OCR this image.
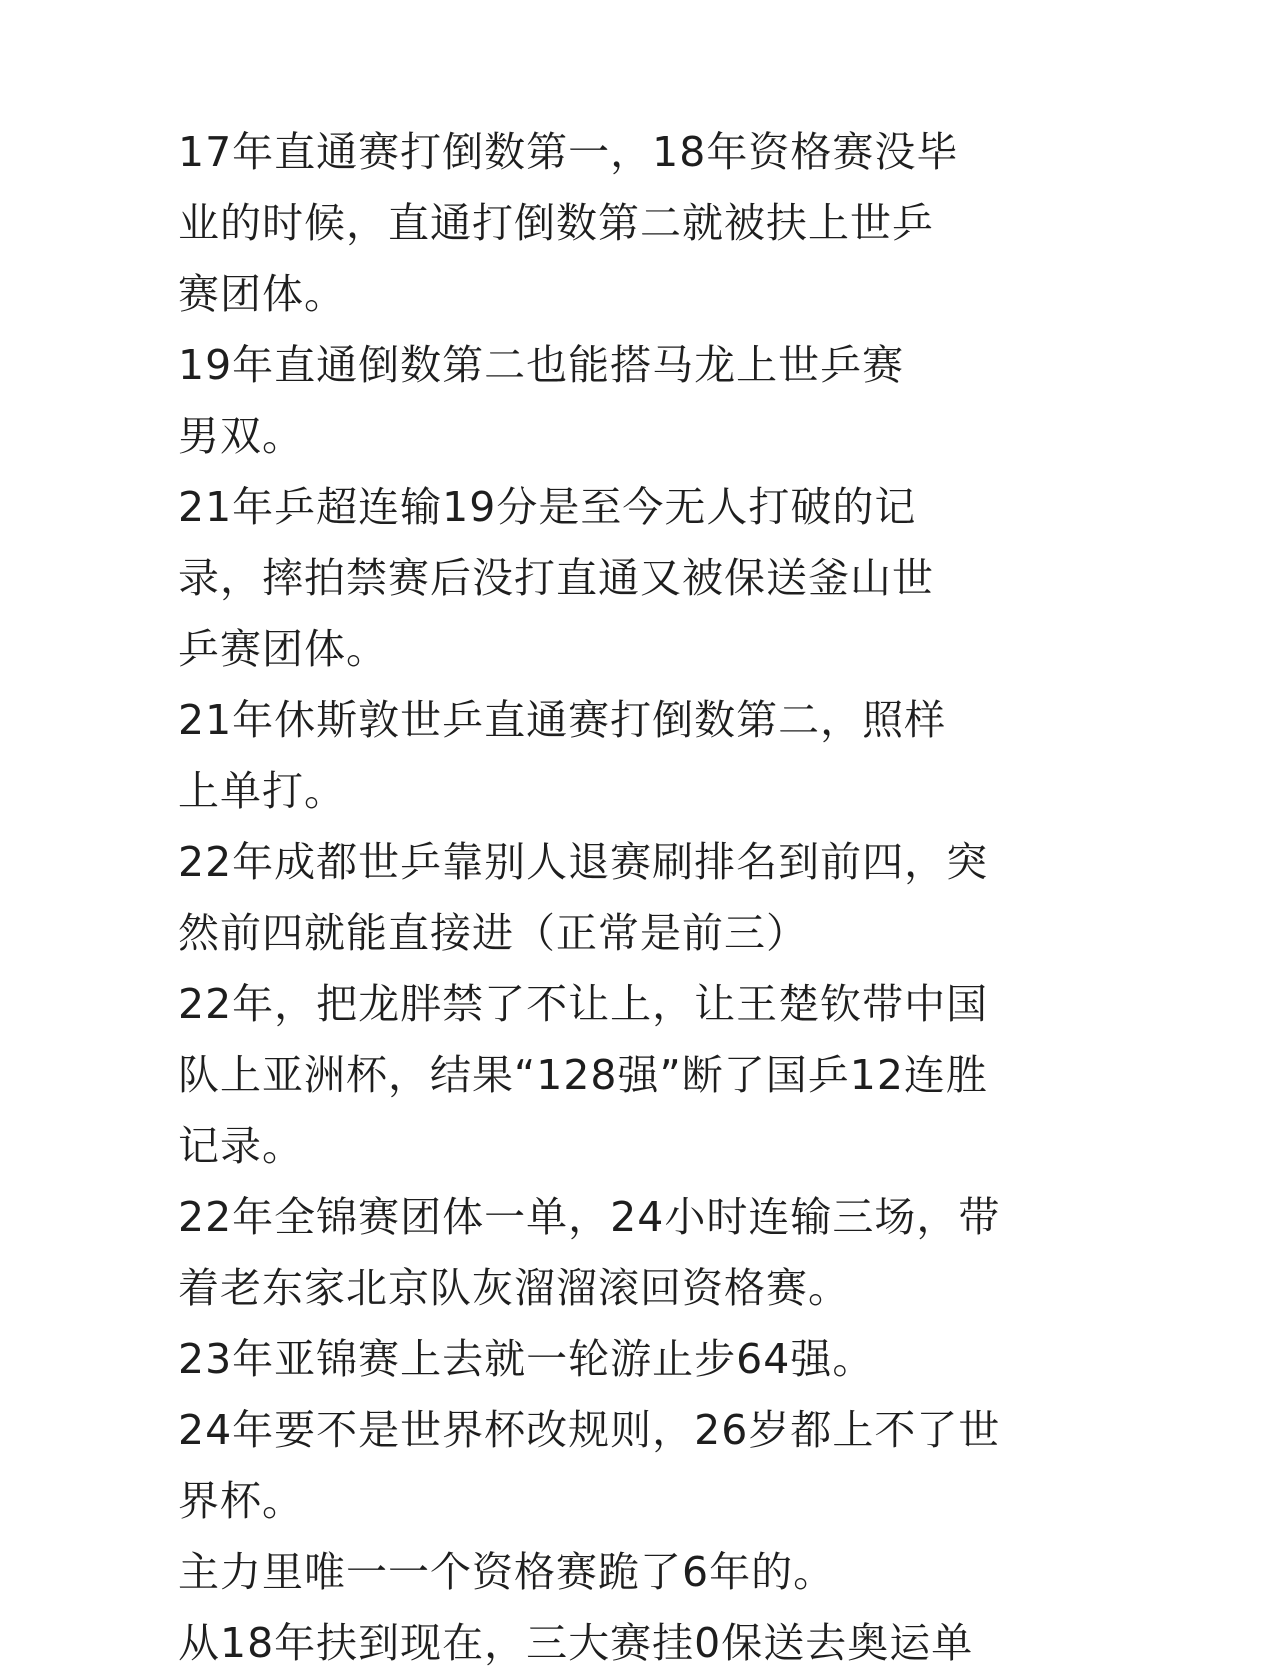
17年直通赛打倒数第一，18年资格赛没毕
业的时候，直通打倒数第二就被扶上世乒
赛团体。
19年直通倒数第二也能搭马龙上世乒赛
男双。
21年乒超连输19分是至今无人打破的记
录，摔拍禁赛后没打直通又被保送釜山世
乒赛团体。
21年休斯敦世乒直通赛打倒数第二，照样
上单打。
22年成都世乒靠别人退赛刷排名到前四，突
然前四就能直接进（正常是前三）
22年，把龙胖禁了不让上，让王楚钦带中国
队上亚洲杯，结果“128强”断了国乒12连胜
记录。
22年全锦赛团体一单，24小时连输三场，带
着老东家北京队灰溜溜滚回资格赛。
23年亚锦赛上去就一轮游止步64强。
24年要不是世界杯改规则，26岁都上不了世
界杯。
主力里唯一一个资格赛跪了6年的。
从18年扶到现在，三大赛挂0保送去奥运单
